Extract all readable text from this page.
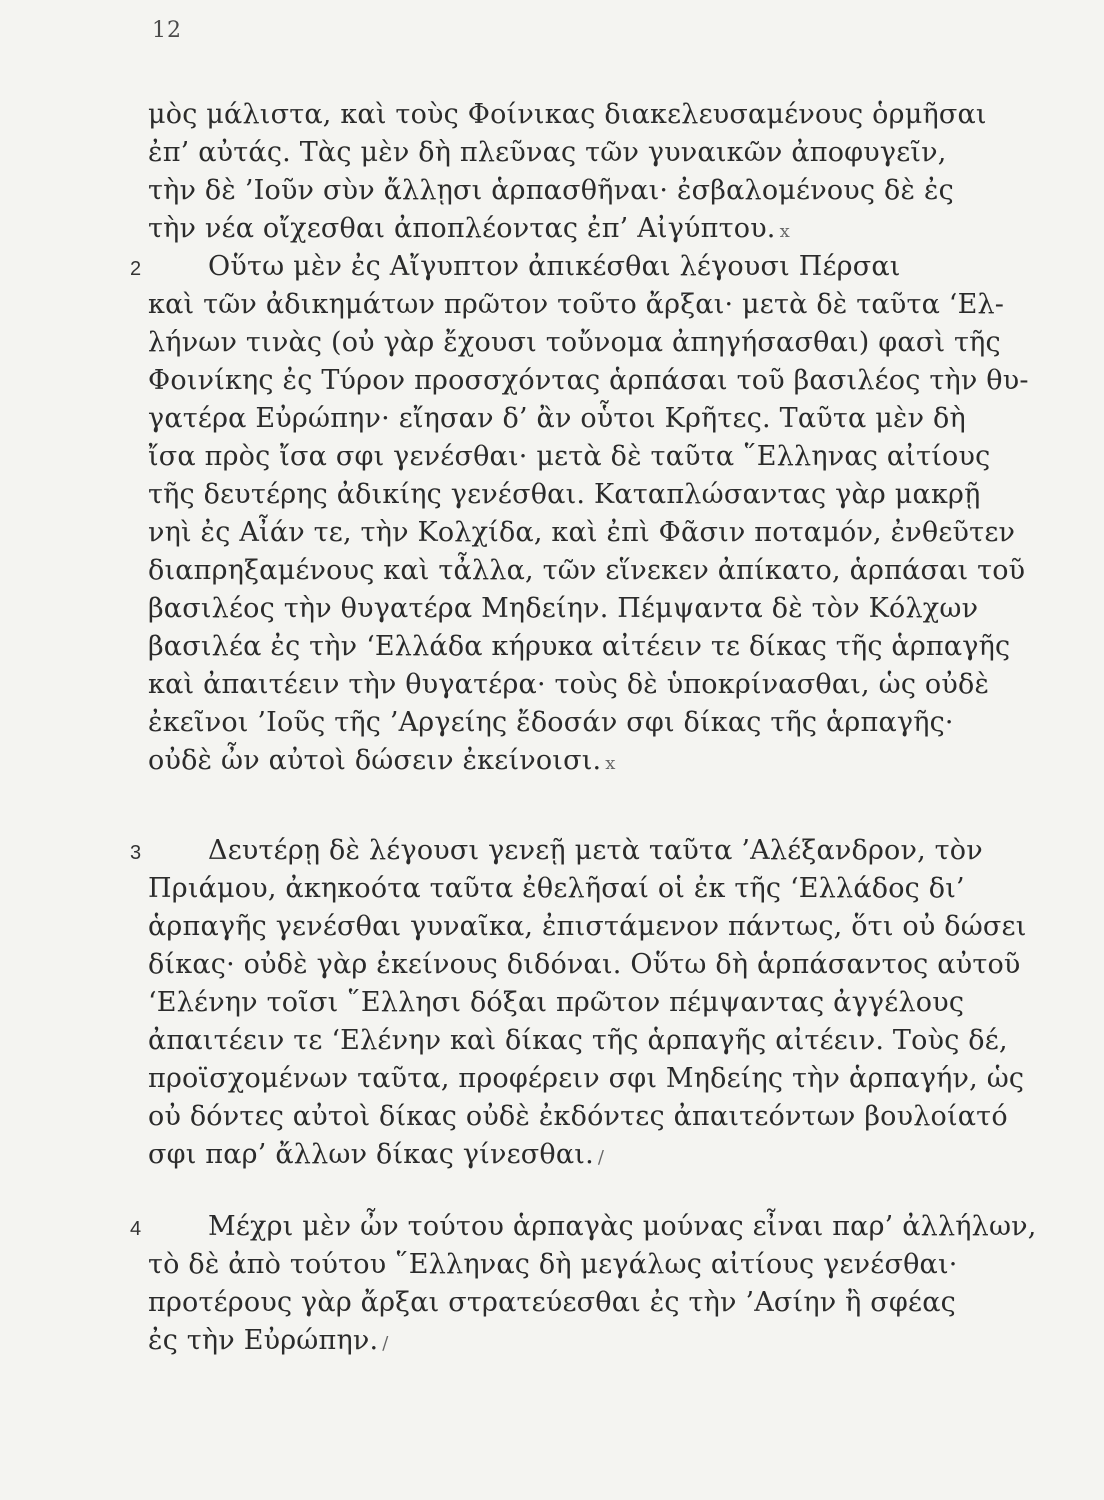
12
μὸς μάλιστα, καὶ τοὺς Φοίνικας διακελευσαμένους ὁρμῆσαι
ἐπ’ αὐτάς. Τὰς μὲν δὴ πλεῦνας τῶν γυναικῶν ἀποφυγεῖν,
τὴν δὲ ’Ιοῦν σὺν ἄλλῃσι ἁρπασθῆναι· ἐσβαλομένους δὲ ἐς
τὴν νέα οἴχεσθαι ἀποπλέοντας ἐπ’ Αἰγύπτου. x
2	Οὕτω μὲν ἐς Αἴγυπτον ἀπικέσθαι λέγουσι Πέρσαι
καὶ τῶν ἀδικημάτων πρῶτον τοῦτο ἄρξαι· μετὰ δὲ ταῦτα ‘Ελ-
λήνων τινὰς (οὐ γὰρ ἔχουσι τοὔνομα ἀπηγήσασθαι) φασὶ τῆς
Φοινίκης ἐς Τύρον προσσχόντας ἁρπάσαι τοῦ βασιλέος τὴν θυ-
γατέρα Εὐρώπην· εἴησαν δ’ ἂν οὗτοι Κρῆτες. Ταῦτα μὲν δὴ
ἴσα πρὸς ἴσα σφι γενέσθαι· μετὰ δὲ ταῦτα ῞Ελληνας αἰτίους
τῆς δευτέρης ἀδικίης γενέσθαι. Καταπλώσαντας γὰρ μακρῇ
νηὶ ἐς Αἶάν τε, τὴν Κολχίδα, καὶ ἐπὶ Φᾶσιν ποταμόν, ἐνθεῦτεν
διαπρηξαμένους καὶ τἆλλα, τῶν εἵνεκεν ἀπίκατο, ἁρπάσαι τοῦ
βασιλέος τὴν θυγατέρα Μηδείην. Πέμψαντα δὲ τὸν Κόλχων
βασιλέα ἐς τὴν ‘Ελλάδα κήρυκα αἰτέειν τε δίκας τῆς ἁρπαγῆς
καὶ ἀπαιτέειν τὴν θυγατέρα· τοὺς δὲ ὑποκρίνασθαι, ὡς οὐδὲ
ἐκεῖνοι ’Ιοῦς τῆς ’Αργείης ἔδοσάν σφι δίκας τῆς ἁρπαγῆς·
οὐδὲ ὦν αὐτοὶ δώσειν ἐκείνοισι. x
3	Δευτέρῃ δὲ λέγουσι γενεῇ μετὰ ταῦτα ’Αλέξανδρον, τὸν
Πριάμου, ἀκηκοότα ταῦτα ἐθελῆσαί οἱ ἐκ τῆς ‘Ελλάδος δι’
ἁρπαγῆς γενέσθαι γυναῖκα, ἐπιστάμενον πάντως, ὅτι οὐ δώσει
δίκας· οὐδὲ γὰρ ἐκείνους διδόναι. Οὕτω δὴ ἁρπάσαντος αὐτοῦ
‘Ελένην τοῖσι ῞Ελλησι δόξαι πρῶτον πέμψαντας ἀγγέλους
ἀπαιτέειν τε ‘Ελένην καὶ δίκας τῆς ἁρπαγῆς αἰτέειν. Τοὺς δέ,
προϊσχομένων ταῦτα, προφέρειν σφι Μηδείης τὴν ἁρπαγήν, ὡς
οὐ δόντες αὐτοὶ δίκας οὐδὲ ἐκδόντες ἀπαιτεόντων βουλοίατό
σφι παρ’ ἄλλων δίκας γίνεσθαι. /
4	Μέχρι μὲν ὦν τούτου ἁρπαγὰς μούνας εἶναι παρ’ ἀλλήλων,
τὸ δὲ ἀπὸ τούτου ῞Ελληνας δὴ μεγάλως αἰτίους γενέσθαι·
προτέρους γὰρ ἄρξαι στρατεύεσθαι ἐς τὴν ’Ασίην ἢ σφέας
ἐς τὴν Εὐρώπην. /
